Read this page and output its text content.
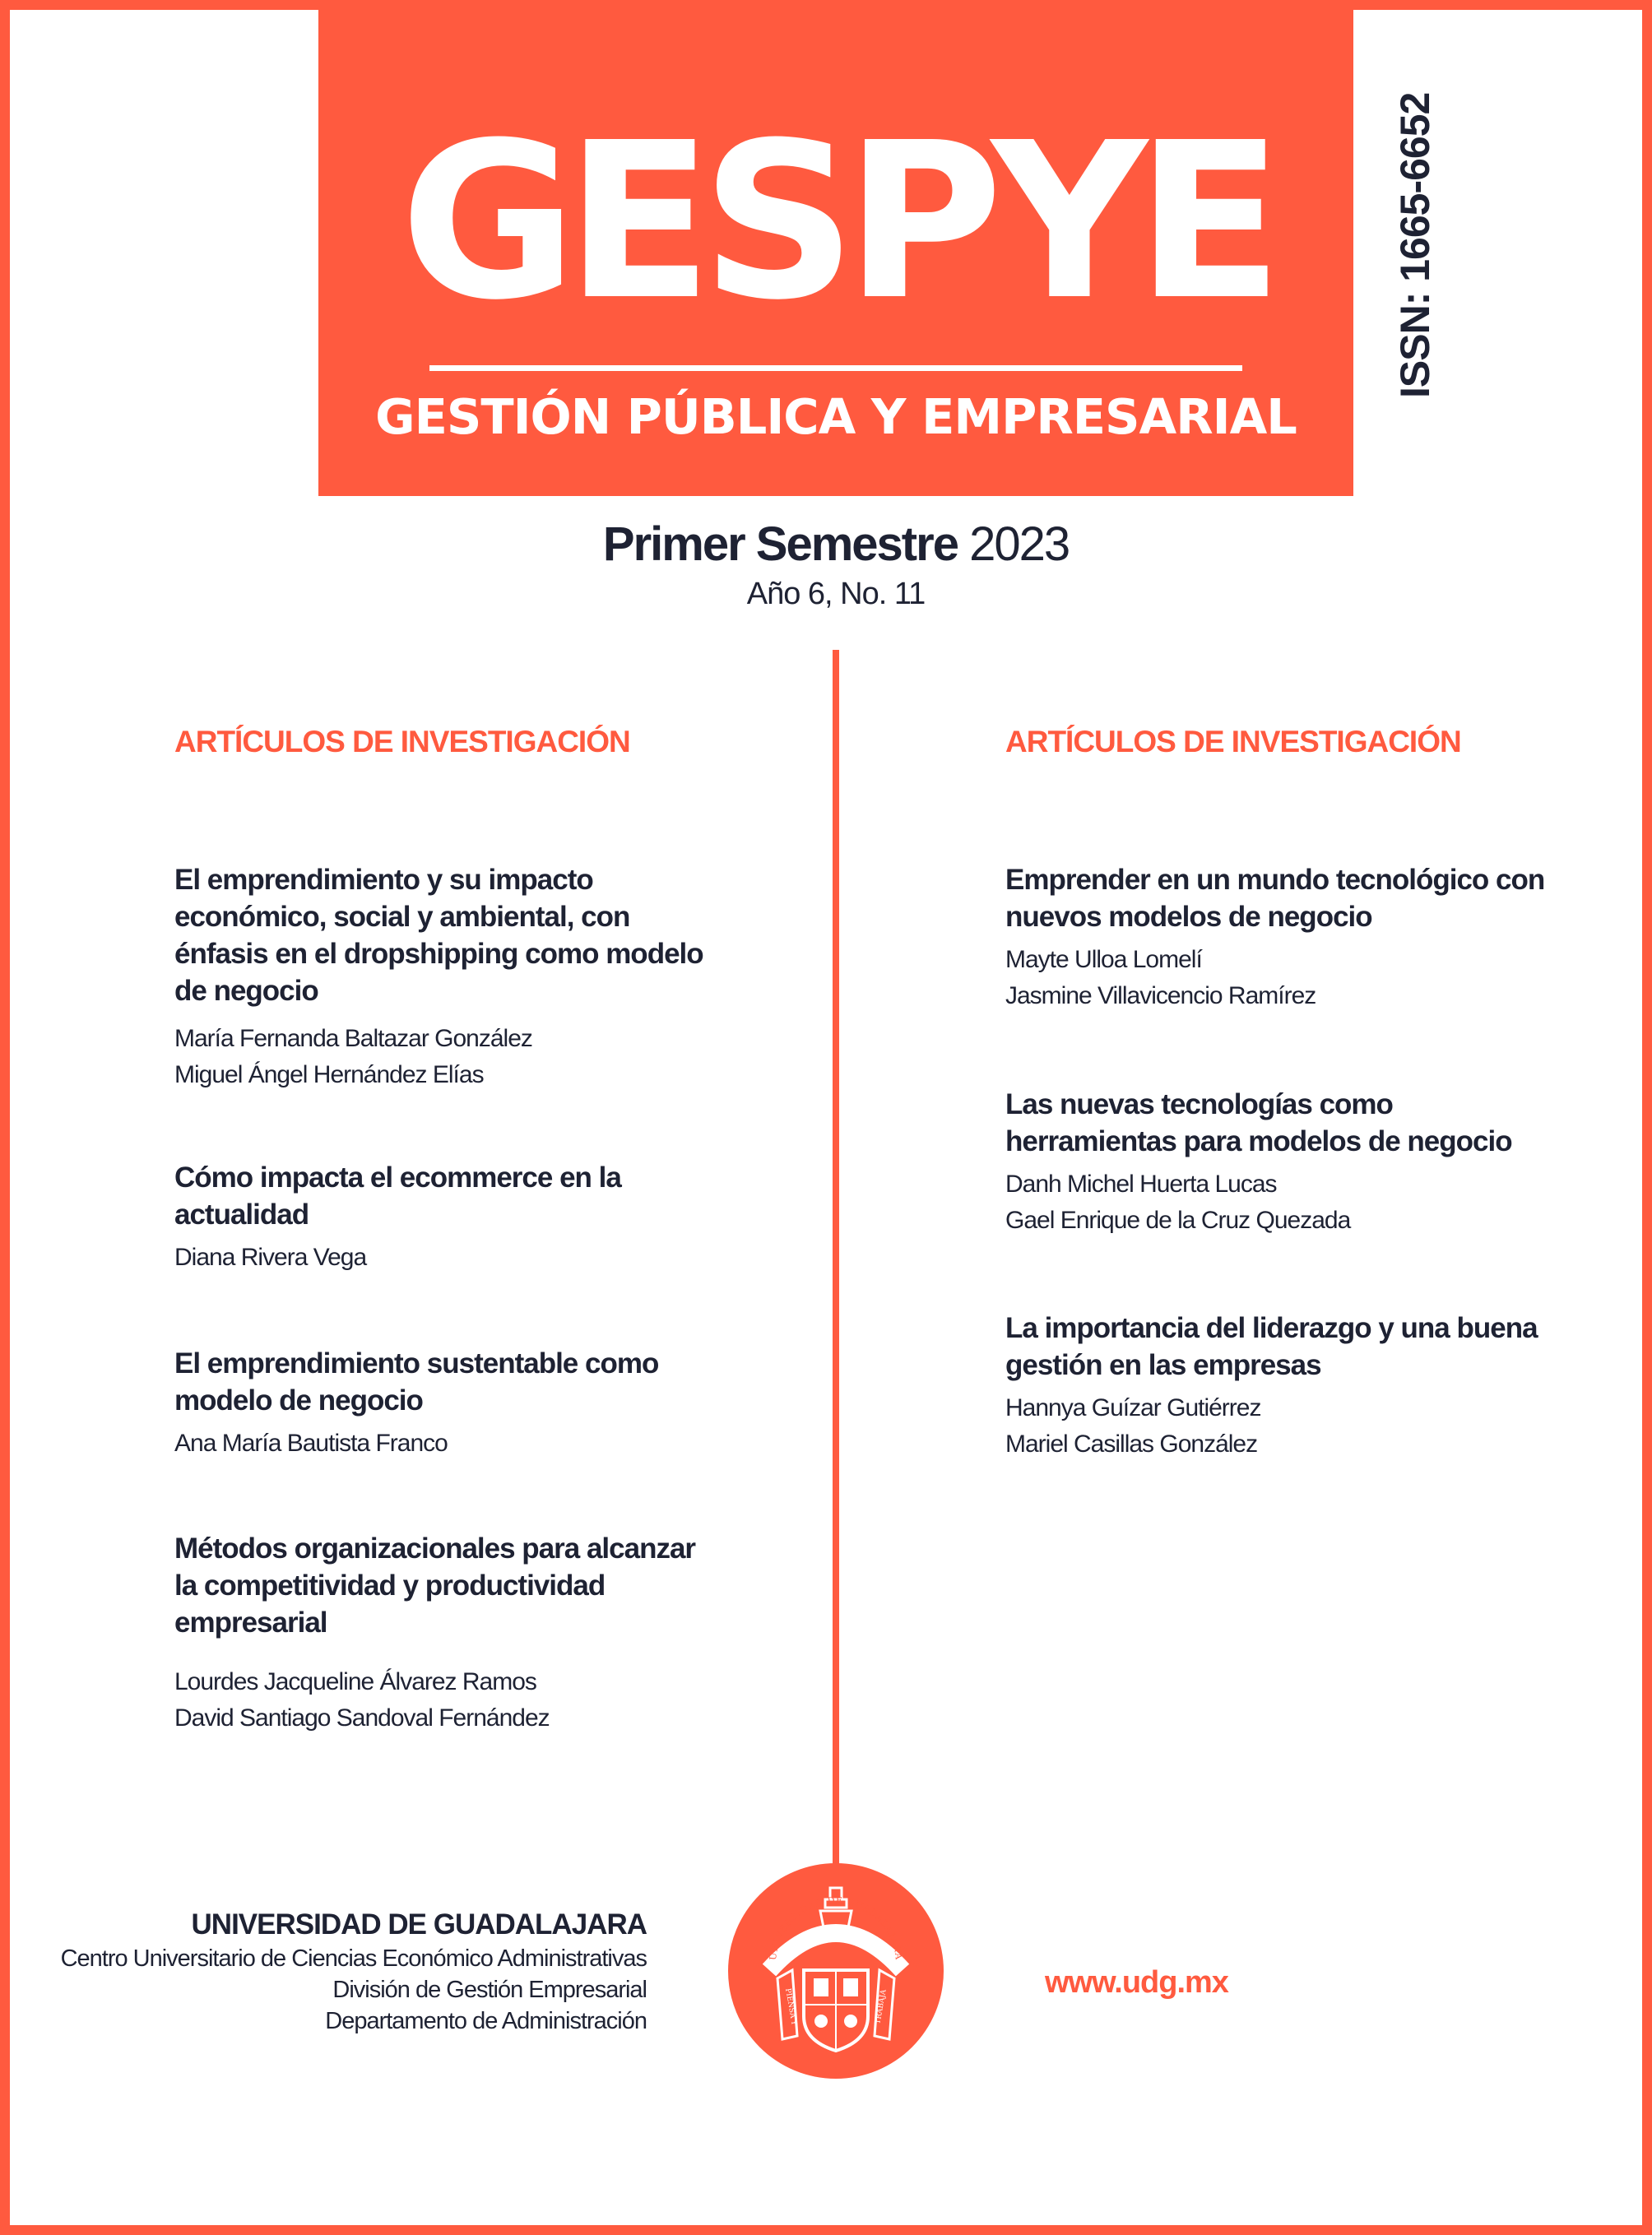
GESPYE
GESTIÓN PÚBLICA Y EMPRESARIAL
ISSN: 1665-6652
Primer Semestre 2023
Año 6, No. 11
ARTÍCULOS DE INVESTIGACIÓN
El emprendimiento y su impacto económico, social y ambiental, con énfasis en el dropshipping como modelo de negocio
María Fernanda Baltazar González
Miguel Ángel Hernández Elías
Cómo impacta el ecommerce en la actualidad
Diana Rivera Vega
El emprendimiento sustentable como modelo de negocio
Ana María Bautista Franco
Métodos organizacionales para alcanzar la competitividad y productividad empresarial
Lourdes Jacqueline Álvarez Ramos
David Santiago Sandoval Fernández
ARTÍCULOS DE INVESTIGACIÓN
Emprender en un mundo tecnológico con nuevos modelos de negocio
Mayte Ulloa Lomelí
Jasmine Villavicencio Ramírez
Las nuevas tecnologías como herramientas para modelos de negocio
Danh Michel Huerta Lucas
Gael Enrique de la Cruz Quezada
La importancia del liderazgo y una buena gestión en las empresas
Hannya Guízar Gutiérrez
Mariel Casillas González
UNIVERSIDAD DE GUADALAJARA
Centro Universitario de Ciencias Económico Administrativas
División de Gestión Empresarial
Departamento de Administración
UNIVERSIDAD DE GUADALAJARA
PIENSA Y	TRABAJA
www.udg.mx
